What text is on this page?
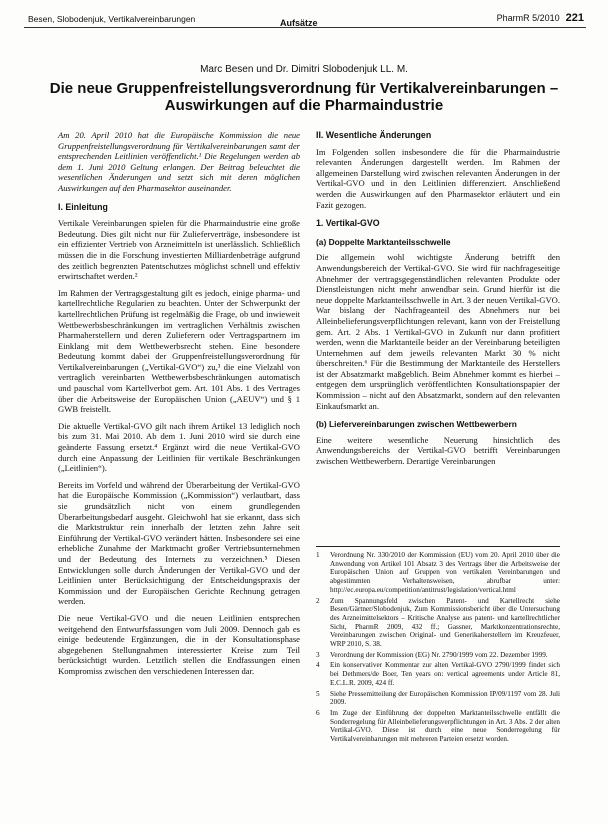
Besen, Slobodenjuk, Vertikalvereinbarungen	Aufsätze	PharmR 5/2010 221
Marc Besen und Dr. Dimitri Slobodenjuk LL. M.
Die neue Gruppenfreistellungsverordnung für Vertikalvereinbarungen – Auswirkungen auf die Pharmaindustrie

Am 20. April 2010 hat die Europäische Kommission die neue Gruppenfreistellungsverordnung für Vertikalvereinbarungen samt der entsprechenden Leitlinien veröffentlicht.¹ Die Regelungen werden ab dem 1. Juni 2010 Geltung erlangen. Der Beitrag beleuchtet die wesentlichen Änderungen und setzt sich mit deren möglichen Auswirkungen auf den Pharmasektor auseinander.

I. Einleitung

Vertikale Vereinbarungen spielen für die Pharmaindustrie eine große Bedeutung. Dies gilt nicht nur für Zulieferverträge, insbesondere ist ein effizienter Vertrieb von Arzneimitteln ist unerlässlich. Schließlich müssen die in die Forschung investierten Milliardenbeträge aufgrund des zeitlich begrenzten Patentschutzes möglichst schnell und effektiv erwirtschaftet werden.²

Im Rahmen der Vertragsgestaltung gilt es jedoch, einige pharma- und kartellrechtliche Regularien zu beachten. Unter der Schwerpunkt der kartellrechtlichen Prüfung ist regelmäßig die Frage, ob und inwieweit Wettbewerbsbeschränkungen im vertraglichen Verhältnis zwischen Pharmaherstellern und deren Zulieferern oder Vertragspartnern im Einklang mit dem Wettbewerbsrecht stehen. Eine besondere Bedeutung kommt dabei der Gruppenfreistellungsverordnung für Vertikalvereinbarungen („Vertikal-GVO“) zu,³ die eine Vielzahl von vertraglich vereinbarten Wettbewerbsbeschränkungen automatisch und pauschal vom Kartellverbot gem. Art. 101 Abs. 1 des Vertrages über die Arbeitsweise der Europäischen Union („AEUV“) und § 1 GWB freistellt.

Die aktuelle Vertikal-GVO gilt nach ihrem Artikel 13 lediglich noch bis zum 31. Mai 2010. Ab dem 1. Juni 2010 wird sie durch eine geänderte Fassung ersetzt.⁴ Ergänzt wird die neue Vertikal-GVO durch eine Anpassung der Leitlinien für vertikale Beschränkungen („Leitlinien“).

Bereits im Vorfeld und während der Überarbeitung der Vertikal-GVO hat die Europäische Kommission („Kommission“) verlautbart, dass sie grundsätzlich nicht von einem grundlegenden Überarbeitungsbedarf ausgeht. Gleichwohl hat sie erkannt, dass sich die Marktstruktur rein innerhalb der letzten zehn Jahre seit Einführung der Vertikal-GVO verändert hätten. Insbesondere sei eine erhebliche Zunahme der Marktmacht großer Vertriebsunternehmen und der Bedeutung des Internets zu verzeichnen.⁵ Diesen Entwicklungen solle durch Änderungen der Vertikal-GVO und der Leitlinien unter Berücksichtigung der Entscheidungspraxis der Kommission und der Europäischen Gerichte Rechnung getragen werden.

Die neue Vertikal-GVO und die neuen Leitlinien entsprechen weitgehend den Entwurfsfassungen vom Juli 2009. Dennoch gab es einige bedeutende Ergänzungen, die in der Konsultationsphase abgegebenen Stellungnahmen interessierter Kreise zum Teil berücksichtigt wurden. Letztlich stellen die Endfassungen einen Kompromiss zwischen den verschiedenen Interessen dar.

II. Wesentliche Änderungen

Im Folgenden sollen insbesondere die für die Pharmaindustrie relevanten Änderungen dargestellt werden. Im Rahmen der allgemeinen Darstellung wird zwischen relevanten Änderungen in der Vertikal-GVO und in den Leitlinien differenziert. Anschließend werden die Auswirkungen auf den Pharmasektor erläutert und ein Fazit gezogen.

1. Vertikal-GVO
(a) Doppelte Marktanteilsschwelle

Die allgemein wohl wichtigste Änderung betrifft den Anwendungsbereich der Vertikal-GVO. Sie wird für nachfrageseitige Abnehmer der vertragsgegenständlichen relevanten Produkte oder Dienstleistungen nicht mehr anwendbar sein. Grund hierfür ist die neue doppelte Marktanteilsschwelle in Art. 3 der neuen Vertikal-GVO. War bislang der Nachfrageanteil des Abnehmers nur bei Alleinbelieferungsverpflichtungen relevant, kann von der Freistellung gem. Art. 2 Abs. 1 Vertikal-GVO in Zukunft nur dann profitiert werden, wenn die Marktanteile beider an der Vereinbarung beteiligten Unternehmen auf dem jeweils relevanten Markt 30 % nicht überschreiten.⁶ Für die Bestimmung der Marktanteile des Herstellers ist der Absatzmarkt maßgeblich. Beim Abnehmer kommt es hierbei – entgegen dem ursprünglich veröffentlichten Konsultationspapier der Kommission – nicht auf den Absatzmarkt, sondern auf den relevanten Einkaufsmarkt an.

(b) Liefervereinbarungen zwischen Wettbewerbern

Eine weitere wesentliche Neuerung hinsichtlich des Anwendungsbereichs der Vertikal-GVO betrifft Vereinbarungen zwischen Wettbewerbern. Derartige Vereinbarungen

1	Verordnung Nr. 330/2010 der Kommission (EU) vom 20. April 2010 über die Anwendung von Artikel 101 Absatz 3 des Vertrags über die Arbeitsweise der Europäischen Union auf Gruppen von vertikalen Vereinbarungen und abgestimmten Verhaltensweisen, abrufbar unter: http://ec.europa.eu/competition/antitrust/legislation/vertical.html
2	Zum Spannungsfeld zwischen Patent- und Kartellrecht siehe Besen/Gärtner/Slobodenjuk, Zum Kommissionsbericht über die Untersuchung des Arzneimittelsektors – Kritische Analyse aus patent- und kartellrechtlicher Sicht, PharmR 2009, 432 ff.; Gassner, Marktkonzentrationsrechte, Vereinbarungen zwischen Original- und Generikaherstellern im Kreuzfeuer, WRP 2010, S. 38.
3	Verordnung der Kommission (EG) Nr. 2790/1999 vom 22. Dezember 1999.
4	Ein konservativer Kommentar zur alten Vertikal-GVO 2790/1999 findet sich bei Dethmers/de Boer, Ten years on: vertical agreements under Article 81, E.C.L.R. 2009, 424 ff.
5	Siehe Pressemitteilung der Europäischen Kommission IP/09/1197 vom 28. Juli 2009.
6	Im Zuge der Einführung der doppelten Marktanteilsschwelle entfällt die Sonderregelung für Alleinbelieferungsverpflichtungen in Art. 3 Abs. 2 der alten Vertikal-GVO. Diese ist durch eine neue Sonderregelung für Vertikalvereinbarungen mit mehreren Parteien ersetzt worden.
